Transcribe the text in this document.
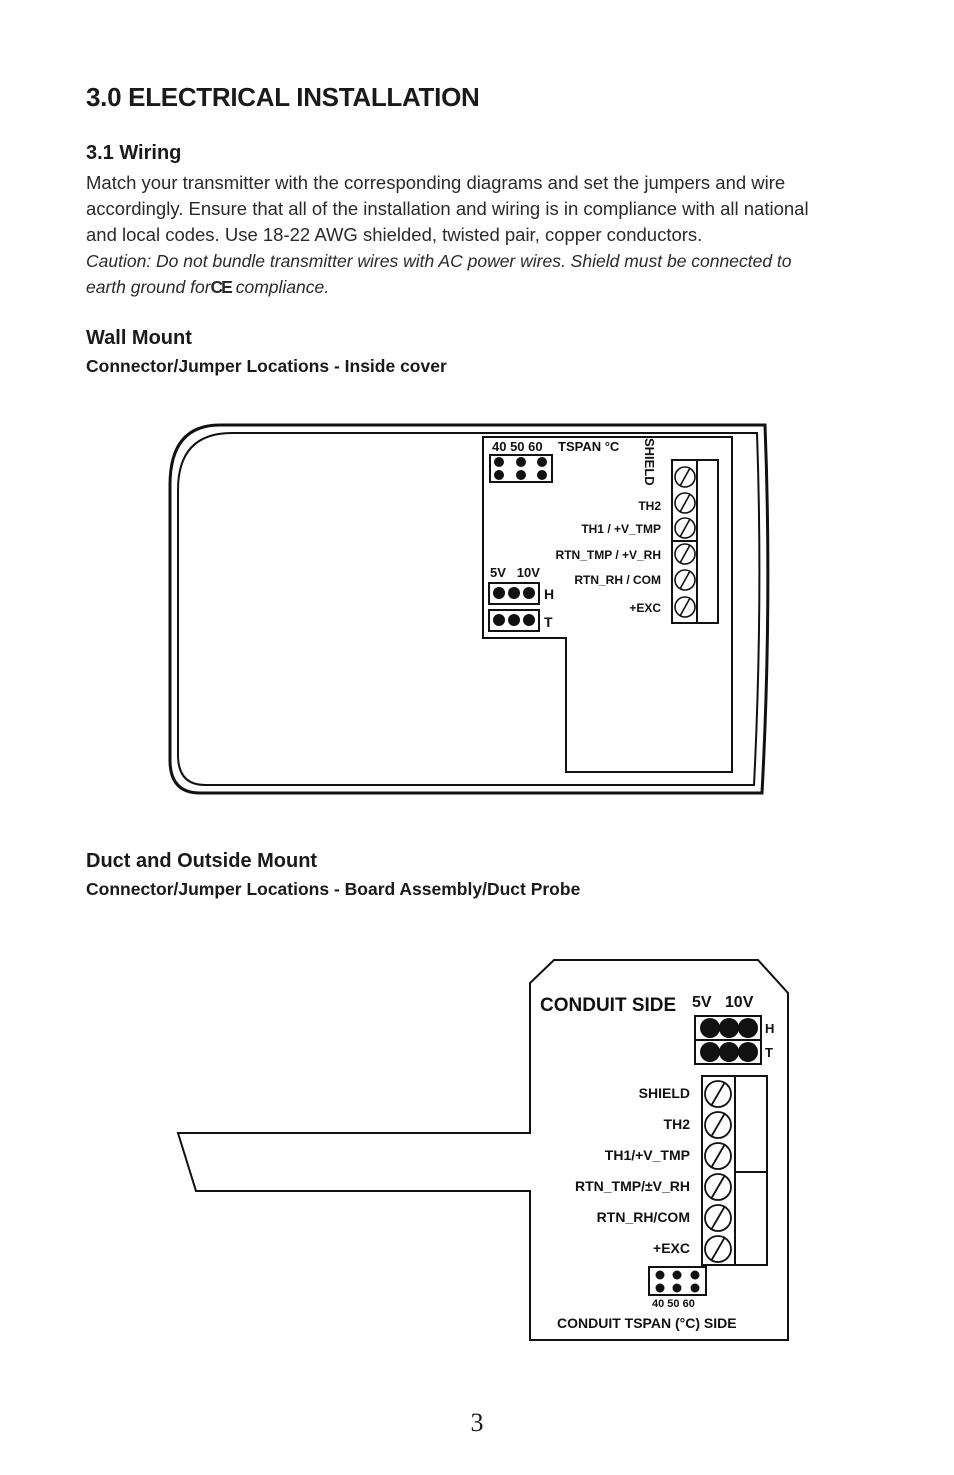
3.0 ELECTRICAL INSTALLATION
3.1 Wiring
Match your transmitter with the corresponding diagrams and set the jumpers and wire
accordingly. Ensure that all of the installation and wiring is in compliance with all national
and local codes. Use 18-22 AWG shielded, twisted pair, copper conductors.
Caution: Do not bundle transmitter wires with AC power wires. Shield must be connected to
earth ground forCE compliance.
Wall Mount
Connector/Jumper Locations - Inside cover
40 50 60 TSPAN °C SHIELD
TH2
TH1 / +V_TMP
RTN_TMP / +V_RH
RTN_RH / COM
+EXC
5V   10V
H
T
Duct and Outside Mount
Connector/Jumper Locations - Board Assembly/Duct Probe
CONDUIT SIDE 5V   10V
H
T
SHIELD
TH2
TH1/+V_TMP
RTN_TMP/±V_RH
RTN_RH/COM
+EXC
40 50 60
CONDUIT TSPAN (°C) SIDE
3
